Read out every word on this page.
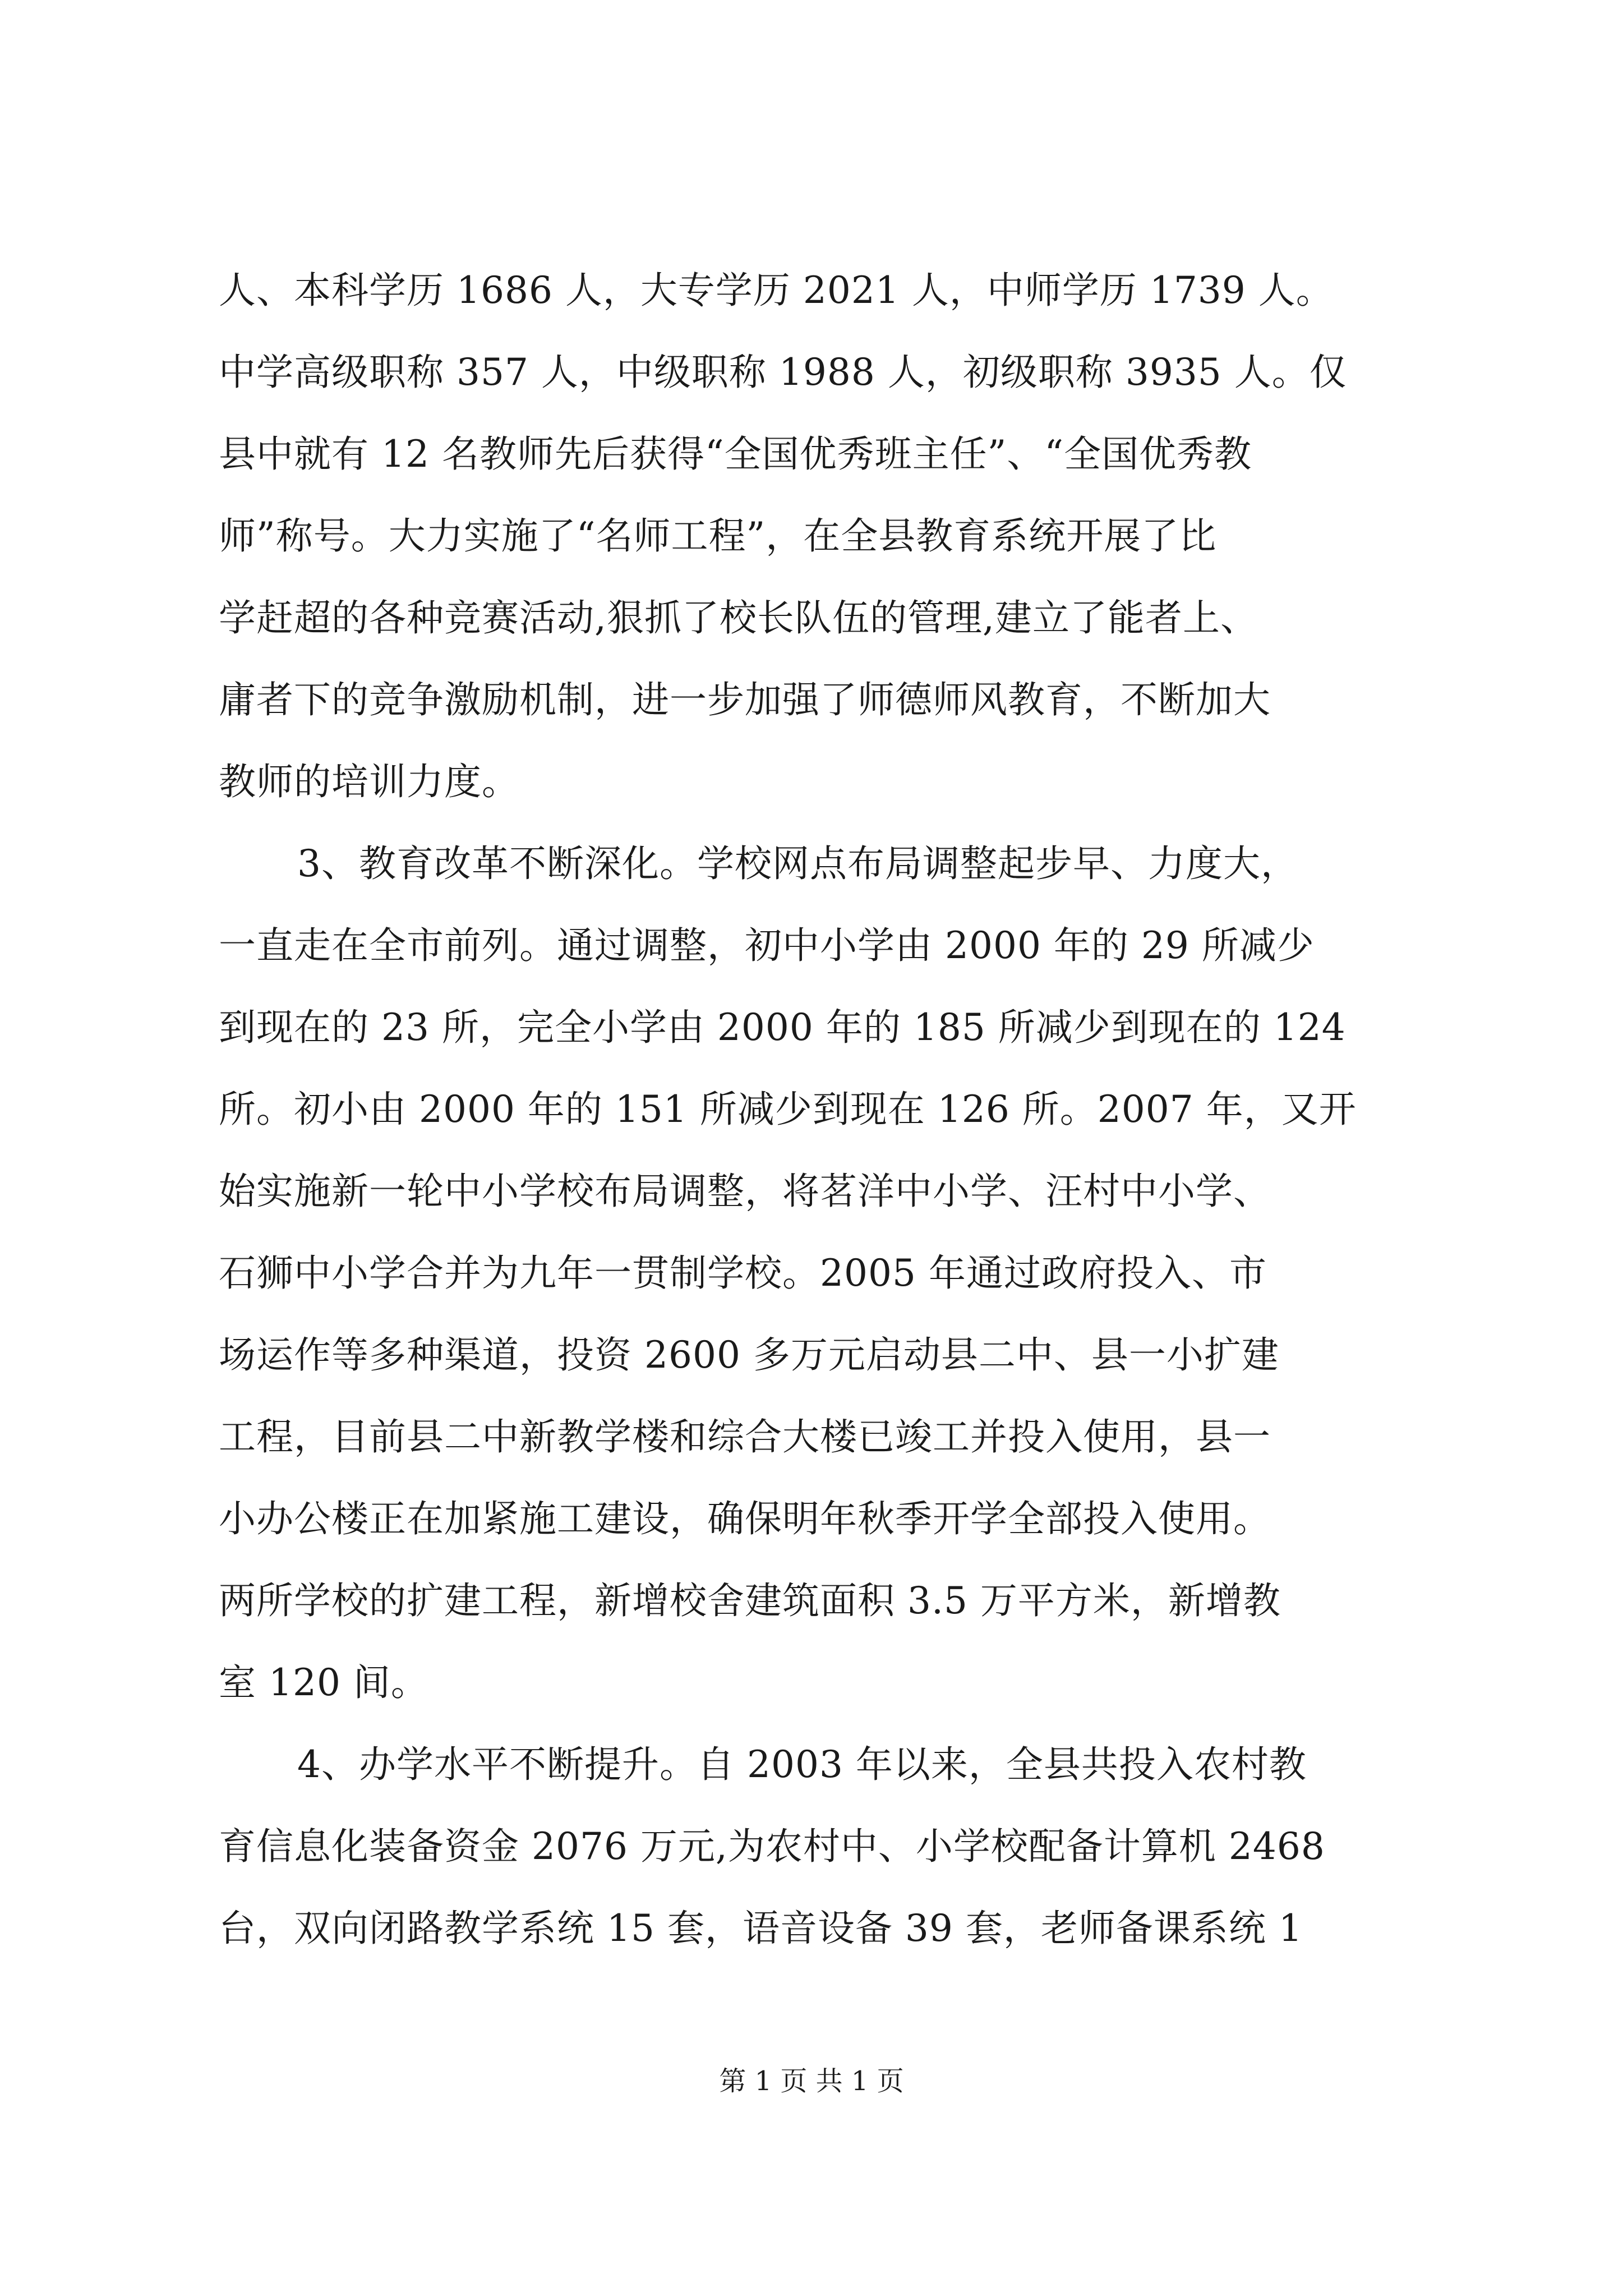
人、本科学历 1686 人，大专学历 2021 人，中师学历 1739 人。
中学高级职称 357 人，中级职称 1988 人，初级职称 3935 人。仅
县中就有 12 名教师先后获得“全国优秀班主任”、“全国优秀教
师”称号。大力实施了“名师工程”，在全县教育系统开展了比
学赶超的各种竞赛活动,狠抓了校长队伍的管理,建立了能者上、
庸者下的竞争激励机制，进一步加强了师德师风教育，不断加大
教师的培训力度。
3、教育改革不断深化。学校网点布局调整起步早、力度大，
一直走在全市前列。通过调整，初中小学由 2000 年的 29 所减少
到现在的 23 所，完全小学由 2000 年的 185 所减少到现在的 124
所。初小由 2000 年的 151 所减少到现在 126 所。2007 年，又开
始实施新一轮中小学校布局调整，将茗洋中小学、汪村中小学、
石狮中小学合并为九年一贯制学校。2005 年通过政府投入、市
场运作等多种渠道，投资 2600 多万元启动县二中、县一小扩建
工程，目前县二中新教学楼和综合大楼已竣工并投入使用，县一
小办公楼正在加紧施工建设，确保明年秋季开学全部投入使用。
两所学校的扩建工程，新增校舍建筑面积 3.5 万平方米，新增教
室 120 间。
4、办学水平不断提升。自 2003 年以来，全县共投入农村教
育信息化装备资金 2076 万元,为农村中、小学校配备计算机 2468
台，双向闭路教学系统 15 套，语音设备 39 套，老师备课系统 1
第 1 页 共 1 页
